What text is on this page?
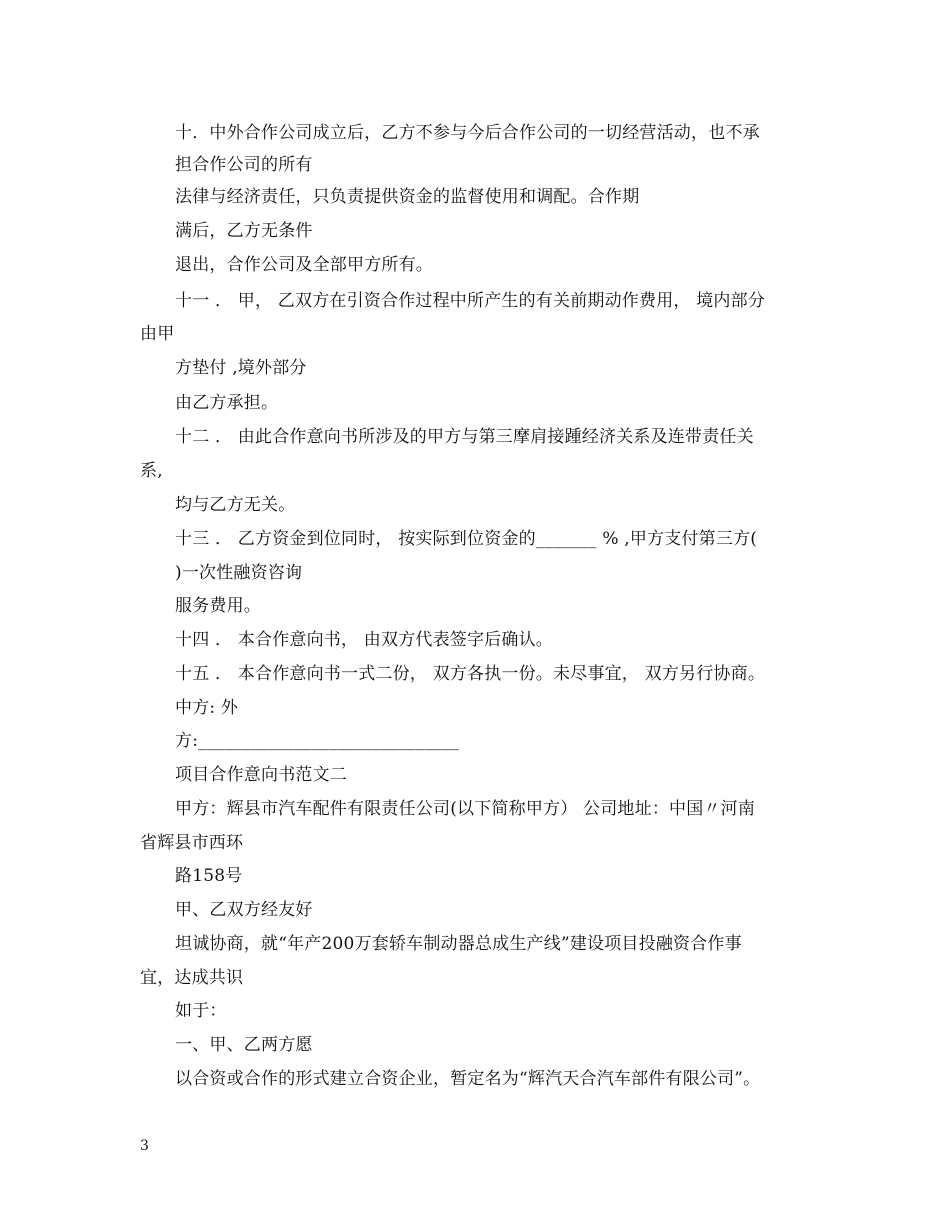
十．中外合作公司成立后，乙方不参与今后合作公司的一切经营活动，也不承
担合作公司的所有
法律与经济责任，只负责提供资金的监督使用和调配。合作期
满后，乙方无条件
退出，合作公司及全部甲方所有。
十一 ． 甲， 乙双方在引资合作过程中所产生的有关前期动作费用， 境内部分
由甲
方垫付 ,境外部分
由乙方承担。
十二 ． 由此合作意向书所涉及的甲方与第三摩肩接踵经济关系及连带责任关
系,
均与乙方无关。
十三 ． 乙方资金到位同时， 按实际到位资金的_______ % ,甲方支付第三方(
)一次性融资咨询
服务费用。
十四 ． 本合作意向书， 由双方代表签字后确认。
十五 ． 本合作意向书一式二份， 双方各执一份。未尽事宜， 双方另行协商。
中方: 外
方:______________________________
项目合作意向书范文二
甲方：辉县市汽车配件有限责任公司(以下简称甲方） 公司地址：中国〃河南
省辉县市西环
路158号
甲、乙双方经友好
坦诚协商，就“年产200万套轿车制动器总成生产线”建设项目投融资合作事
宜，达成共识
如于：
一、甲、乙两方愿
以合资或合作的形式建立合资企业，暂定名为“辉汽天合汽车部件有限公司”。
3
